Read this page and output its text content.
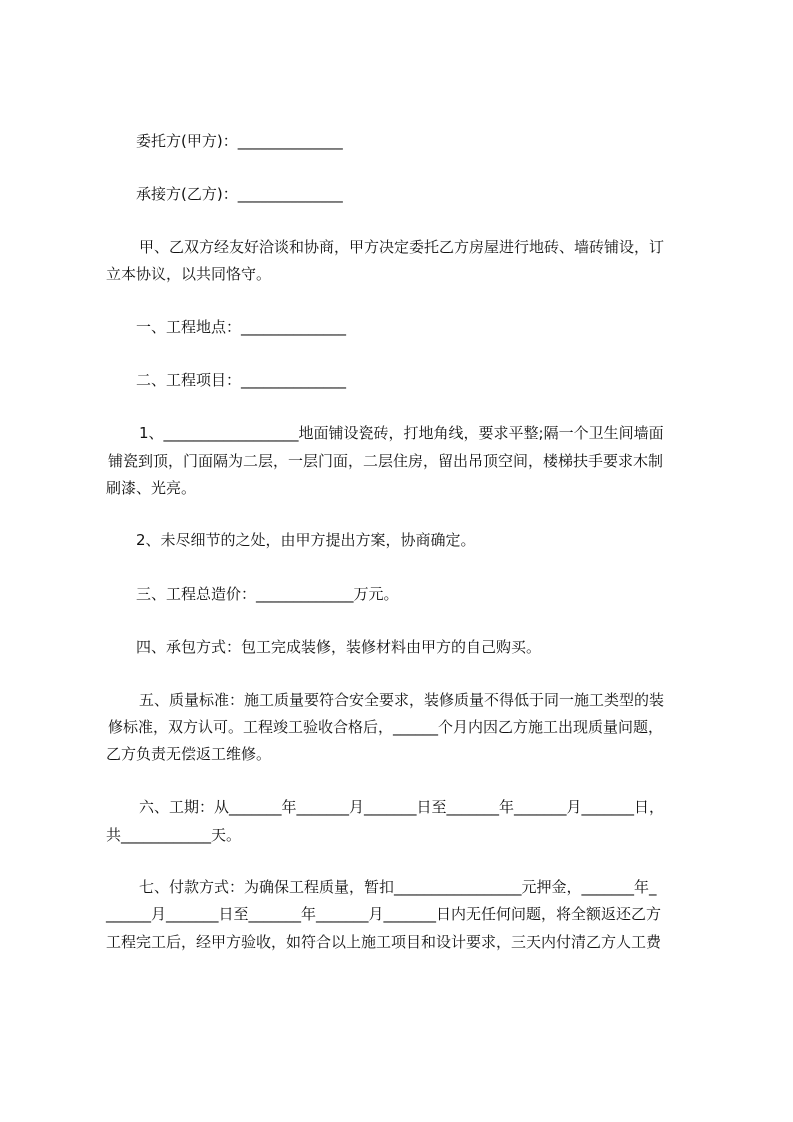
委托方(甲方)：______________
承接方(乙方)：______________
甲、乙双方经友好洽谈和协商，甲方决定委托乙方房屋进行地砖、墙砖铺设，订
立本协议，以共同恪守。
一、工程地点：______________
二、工程项目：______________
1、__________________地面铺设瓷砖，打地角线，要求平整;隔一个卫生间墙面
铺瓷到顶，门面隔为二层，一层门面，二层住房，留出吊顶空间，楼梯扶手要求木制
刷漆、光亮。
2、未尽细节的之处，由甲方提出方案，协商确定。
三、工程总造价：_____________万元。
四、承包方式：包工完成装修，装修材料由甲方的自己购买。
五、质量标准：施工质量要符合安全要求，装修质量不得低于同一施工类型的装
修标准，双方认可。工程竣工验收合格后，______个月内因乙方施工出现质量问题，
乙方负责无偿返工维修。
六、工期：从_______年_______月_______日至_______年_______月_______日，
共____________天。
七、付款方式：为确保工程质量，暂扣_________________元押金，_______年_
______月_______日至_______年_______月_______日内无任何问题，将全额返还乙方
工程完工后，经甲方验收，如符合以上施工项目和设计要求，三天内付清乙方人工费
